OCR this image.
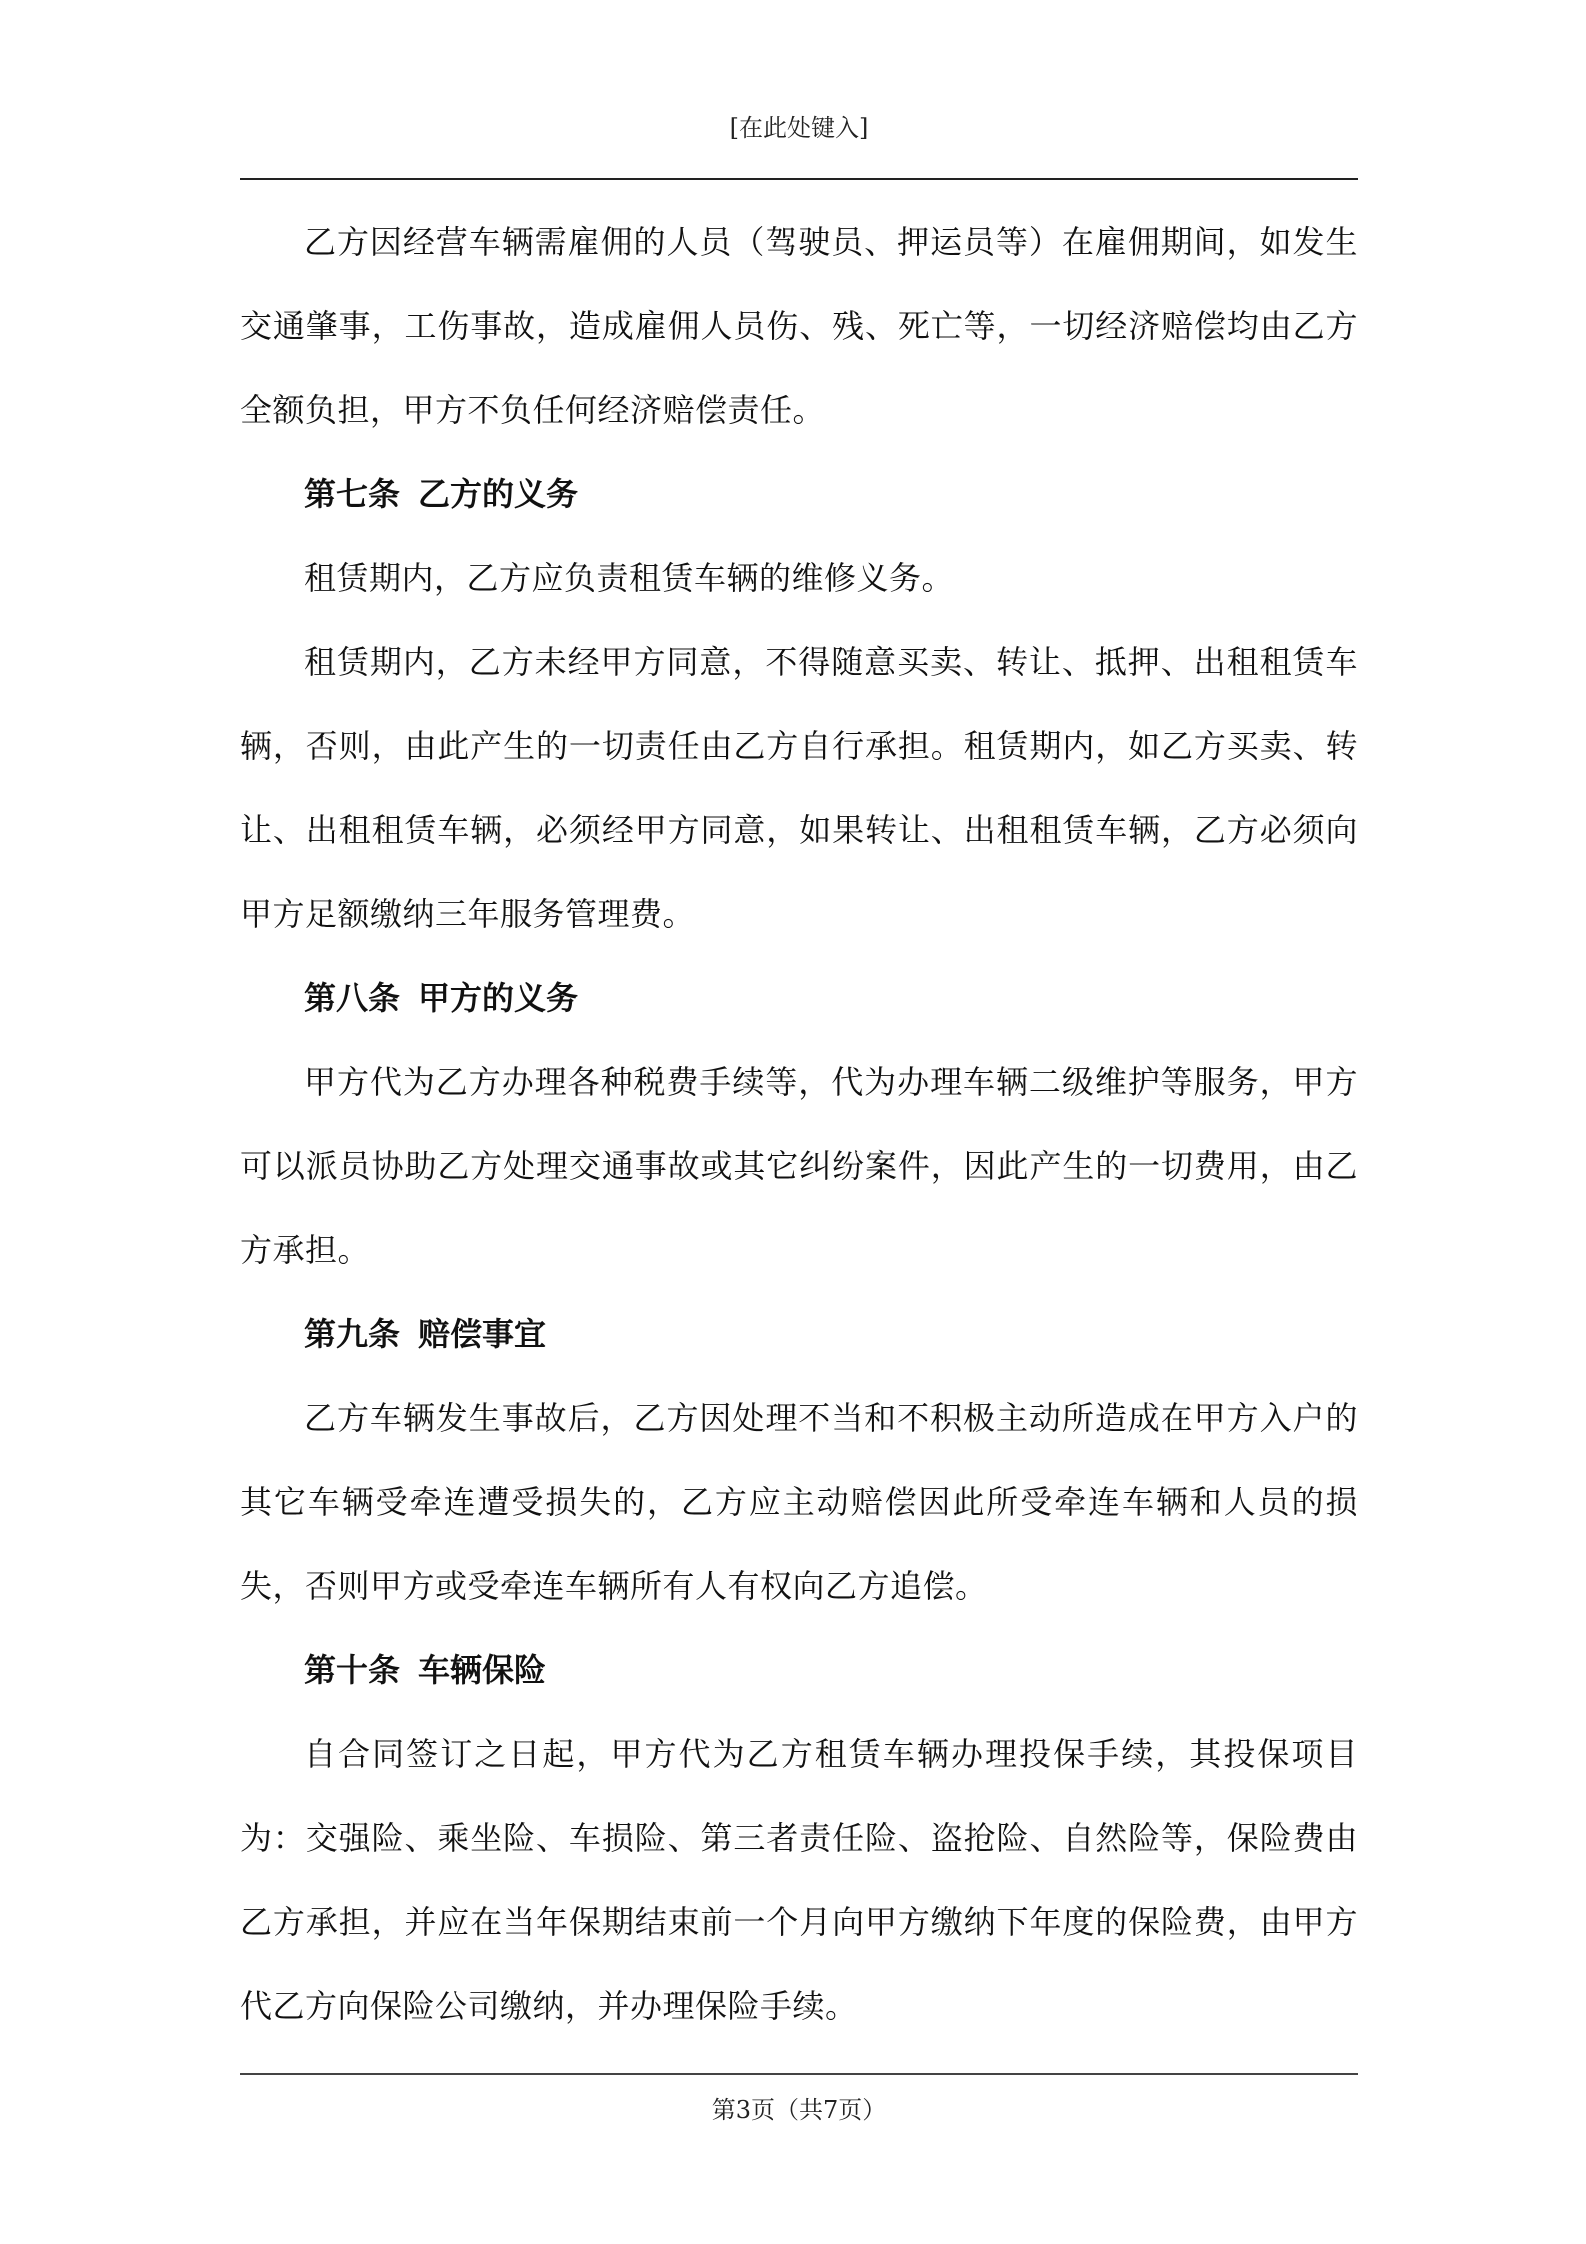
[在此处键入]

乙方因经营车辆需雇佣的人员（驾驶员、押运员等）在雇佣期间，如发生交通肇事，工伤事故，造成雇佣人员伤、残、死亡等，一切经济赔偿均由乙方全额负担，甲方不负任何经济赔偿责任。

第七条 乙方的义务

租赁期内，乙方应负责租赁车辆的维修义务。

租赁期内，乙方未经甲方同意，不得随意买卖、转让、抵押、出租租赁车辆，否则，由此产生的一切责任由乙方自行承担。租赁期内，如乙方买卖、转让、出租租赁车辆，必须经甲方同意，如果转让、出租租赁车辆，乙方必须向甲方足额缴纳三年服务管理费。

第八条 甲方的义务

甲方代为乙方办理各种税费手续等，代为办理车辆二级维护等服务，甲方可以派员协助乙方处理交通事故或其它纠纷案件，因此产生的一切费用，由乙方承担。

第九条 赔偿事宜

乙方车辆发生事故后，乙方因处理不当和不积极主动所造成在甲方入户的其它车辆受牵连遭受损失的，乙方应主动赔偿因此所受牵连车辆和人员的损失，否则甲方或受牵连车辆所有人有权向乙方追偿。

第十条 车辆保险

自合同签订之日起，甲方代为乙方租赁车辆办理投保手续，其投保项目为：交强险、乘坐险、车损险、第三者责任险、盗抢险、自然险等，保险费由乙方承担，并应在当年保期结束前一个月向甲方缴纳下年度的保险费，由甲方代乙方向保险公司缴纳，并办理保险手续。

第3页（共7页）
